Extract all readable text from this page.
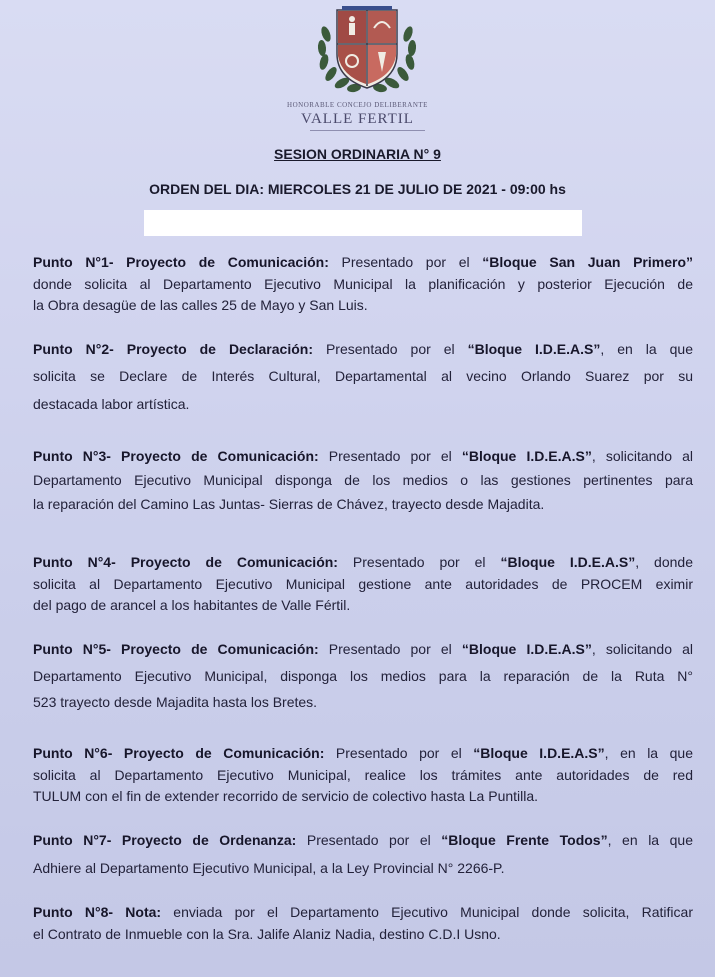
HONORABLE CONCEJO DELIBERANTE
VALLE FERTIL
SESION ORDINARIA N° 9
ORDEN DEL DIA: MIERCOLES 21 DE JULIO DE 2021 - 09:00 hs
Punto N°1- Proyecto de Comunicación: Presentado por el “Bloque San Juan Primero”
donde solicita al Departamento Ejecutivo Municipal la planificación y posterior Ejecución de
la Obra desagüe de las calles 25 de Mayo y San Luis.
Punto N°2- Proyecto de Declaración: Presentado por el “Bloque I.D.E.A.S”, en la que
solicita se Declare de Interés Cultural, Departamental al vecino Orlando Suarez por su
destacada labor artística.
Punto N°3- Proyecto de Comunicación: Presentado por el “Bloque I.D.E.A.S”, solicitando al
Departamento Ejecutivo Municipal disponga de los medios o las gestiones pertinentes para
la reparación del Camino Las Juntas- Sierras de Chávez, trayecto desde Majadita.
Punto N°4- Proyecto de Comunicación: Presentado por el “Bloque I.D.E.A.S”, donde
solicita al Departamento Ejecutivo Municipal gestione ante autoridades de PROCEM eximir
del pago de arancel a los habitantes de Valle Fértil.
Punto N°5- Proyecto de Comunicación: Presentado por el “Bloque I.D.E.A.S”, solicitando al
Departamento Ejecutivo Municipal, disponga los medios para la reparación de la Ruta N°
523 trayecto desde Majadita hasta los Bretes.
Punto N°6- Proyecto de Comunicación: Presentado por el “Bloque I.D.E.A.S”, en la que
solicita al Departamento Ejecutivo Municipal, realice los trámites ante autoridades de red
TULUM con el fin de extender recorrido de servicio de colectivo hasta La Puntilla.
Punto N°7- Proyecto de Ordenanza: Presentado por el “Bloque Frente Todos”, en la que
Adhiere al Departamento Ejecutivo Municipal, a la Ley Provincial N° 2266-P.
Punto N°8- Nota: enviada por el Departamento Ejecutivo Municipal donde solicita, Ratificar
el Contrato de Inmueble con la Sra. Jalife Alaniz Nadia, destino C.D.I Usno.
